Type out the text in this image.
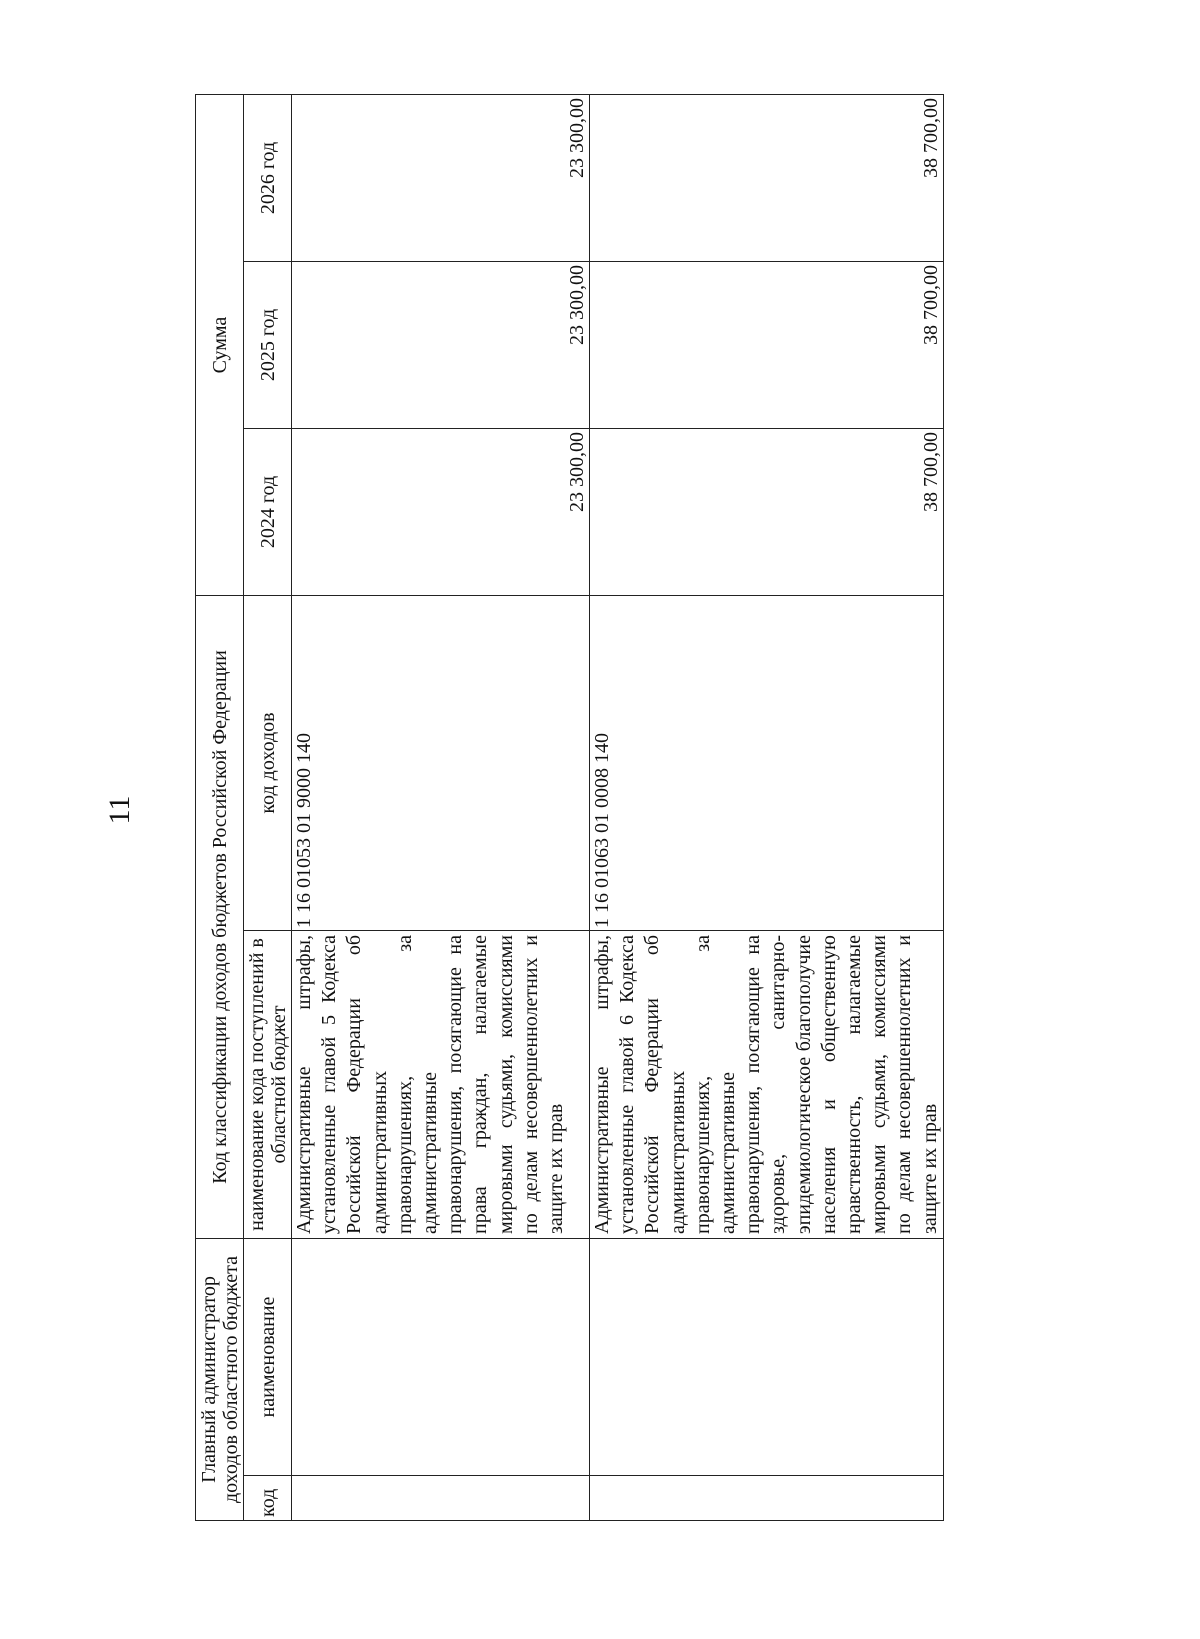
11
Главный администратор доходов областного бюджета		Код классификации доходов бюджетов Российской Федерации		Сумма		
код	наименование	наименование кода поступлений в областной бюджет	код доходов	2024 год	2025 год	2026 год
		Административные штрафы, установленные главой 5 Кодекса Российской Федерации об административных правонарушениях, за административные правонарушения, посягающие на права граждан, налагаемые мировыми судьями, комиссиями по делам несовершеннолетних и защите их прав	1 16 01053 01 9000 140	23 300,00	23 300,00	23 300,00
		Административные штрафы, установленные главой 6 Кодекса Российской Федерации об административных правонарушениях, за административные правонарушения, посягающие на здоровье, санитарно-эпидемиологическое благополучие населения и общественную нравственность, налагаемые мировыми судьями, комиссиями по делам несовершеннолетних и защите их прав	1 16 01063 01 0008 140	38 700,00	38 700,00	38 700,00
